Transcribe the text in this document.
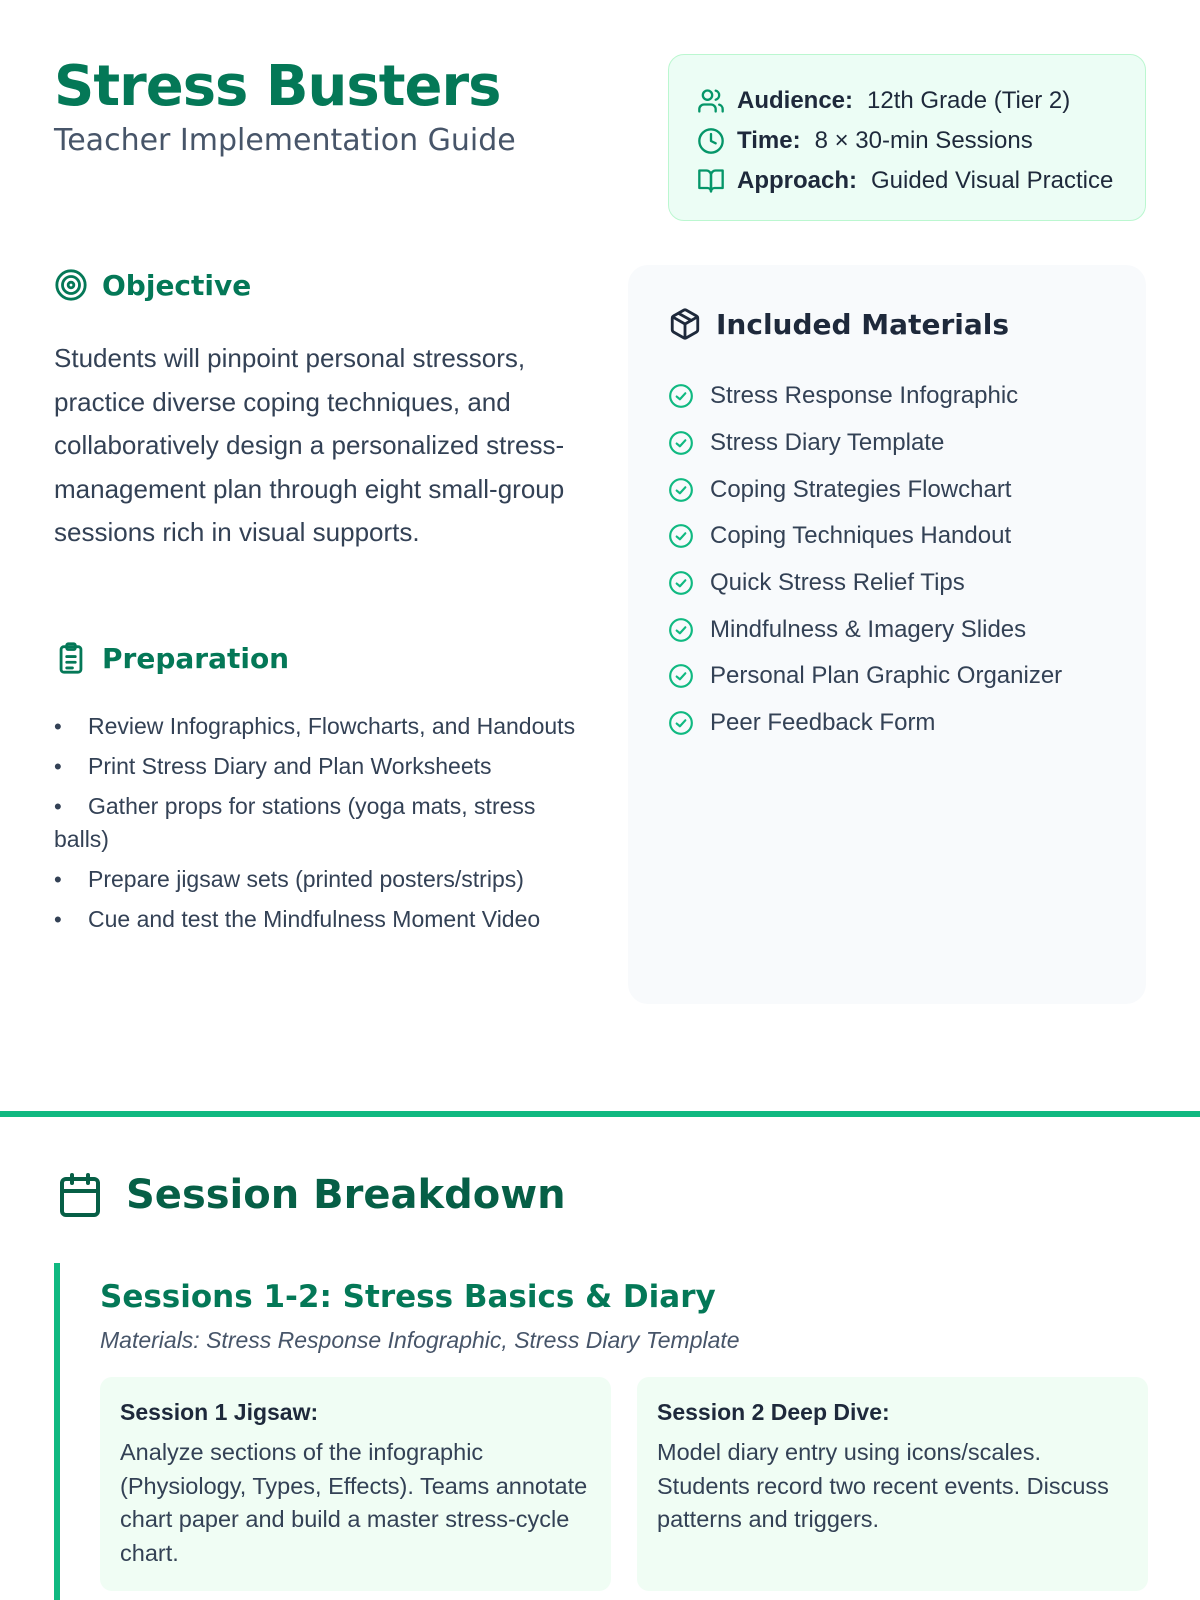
Stress Busters
Teacher Implementation Guide
Audience: 12th Grade (Tier 2)
Time: 8 × 30-min Sessions
Approach: Guided Visual Practice
Objective

Students will pinpoint personal stressors, practice diverse coping techniques, and collaboratively design a personalized stress-management plan through eight small-group sessions rich in visual supports.

Preparation
• Review Infographics, Flowcharts, and Handouts
• Print Stress Diary and Plan Worksheets
• Gather props for stations (yoga mats, stress balls)
• Prepare jigsaw sets (printed posters/strips)
• Cue and test the Mindfulness Moment Video
Included Materials
Stress Response Infographic
Stress Diary Template
Coping Strategies Flowchart
Coping Techniques Handout
Quick Stress Relief Tips
Mindfulness & Imagery Slides
Personal Plan Graphic Organizer
Peer Feedback Form
Session Breakdown
Sessions 1-2: Stress Basics & Diary
Materials: Stress Response Infographic, Stress Diary Template
Session 1 Jigsaw:
Analyze sections of the infographic (Physiology, Types, Effects). Teams annotate chart paper and build a master stress-cycle chart.
Session 2 Deep Dive:
Model diary entry using icons/scales. Students record two recent events. Discuss patterns and triggers.
